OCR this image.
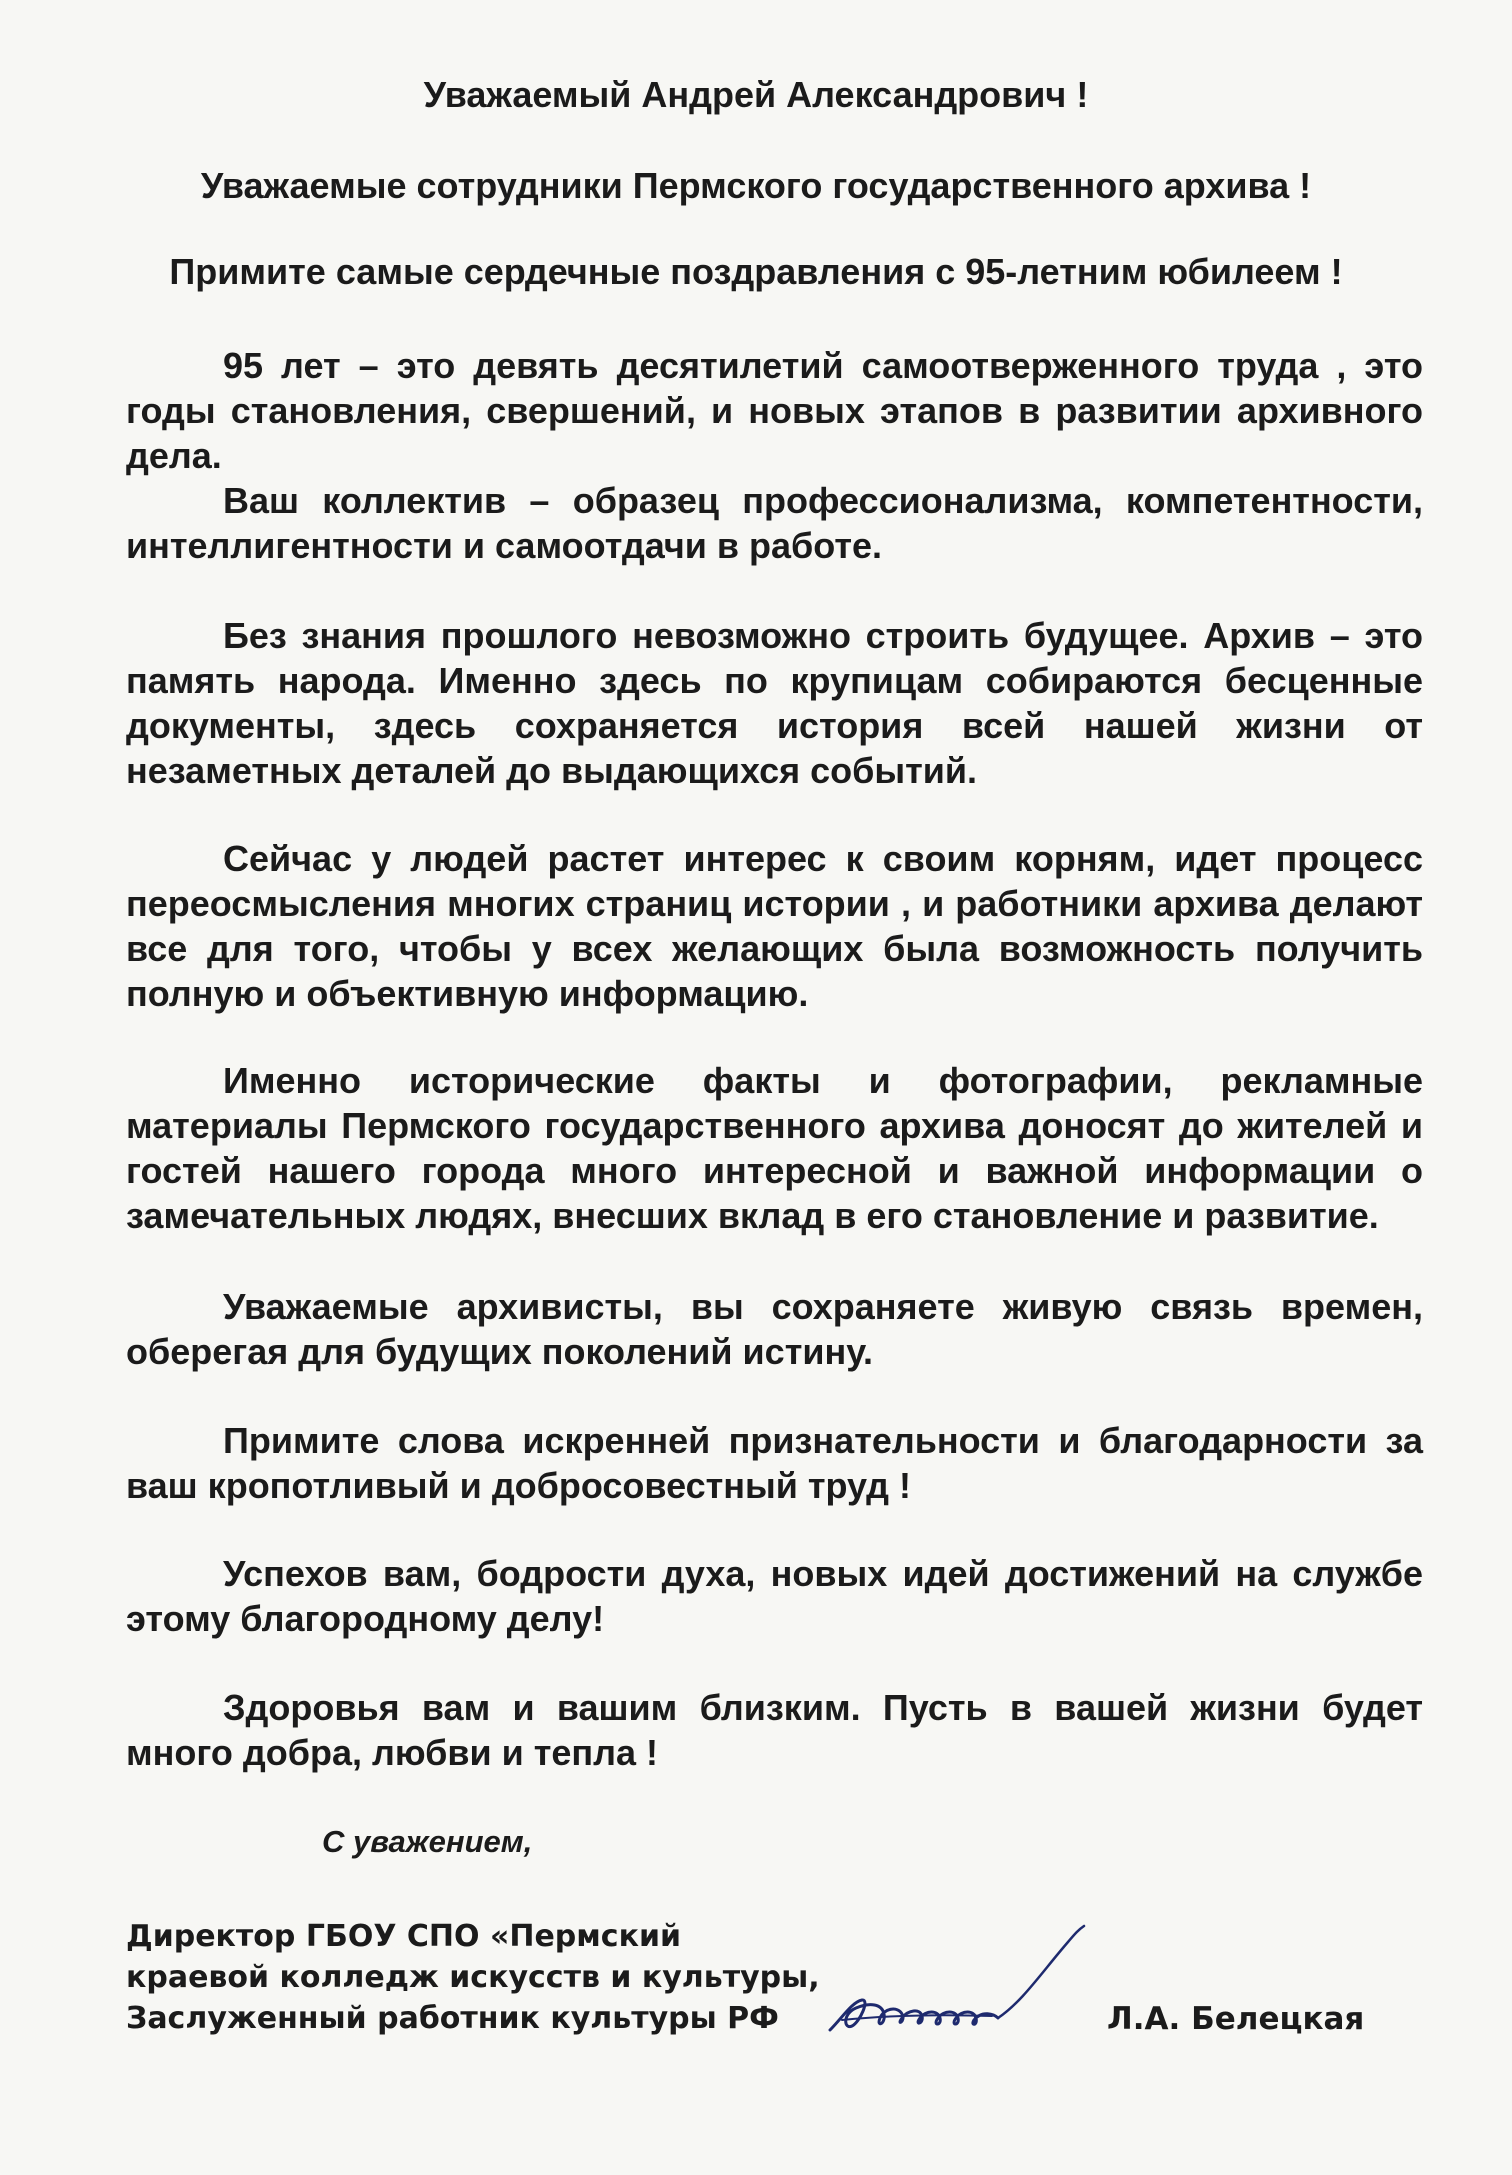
Уважаемый Андрей Александрович !

Уважаемые сотрудники Пермского государственного архива !

Примите самые сердечные поздравления с 95-летним юбилеем !

95 лет – это девять десятилетий самоотверженного труда , это годы становления, свершений, и новых этапов в развитии архивного дела.

Ваш коллектив – образец профессионализма, компетентности, интеллигентности и самоотдачи в работе.

Без знания прошлого невозможно строить будущее. Архив – это память народа. Именно здесь по крупицам собираются бесценные документы, здесь сохраняется история всей нашей жизни от незаметных деталей до выдающихся событий.

Сейчас у людей растет интерес к своим корням, идет процесс переосмысления многих страниц истории , и работники архива делают все для того, чтобы у всех желающих была возможность получить полную и объективную информацию.

Именно исторические факты и фотографии, рекламные материалы Пермского государственного архива доносят до жителей и гостей нашего города много интересной и важной информации о замечательных людях, внесших вклад в его становление и развитие.

Уважаемые архивисты, вы сохраняете живую связь времен, оберегая для будущих поколений истину.

Примите слова искренней признательности и благодарности за ваш кропотливый и добросовестный труд !

Успехов вам, бодрости духа, новых идей достижений на службе этому благородному делу!

Здоровья вам и вашим близким. Пусть в вашей жизни будет много добра, любви и тепла !

С уважением,

Директор ГБОУ СПО «Пермский

краевой колледж искусств и культуры,

Заслуженный работник культуры РФ	Л.А. Белецкая
